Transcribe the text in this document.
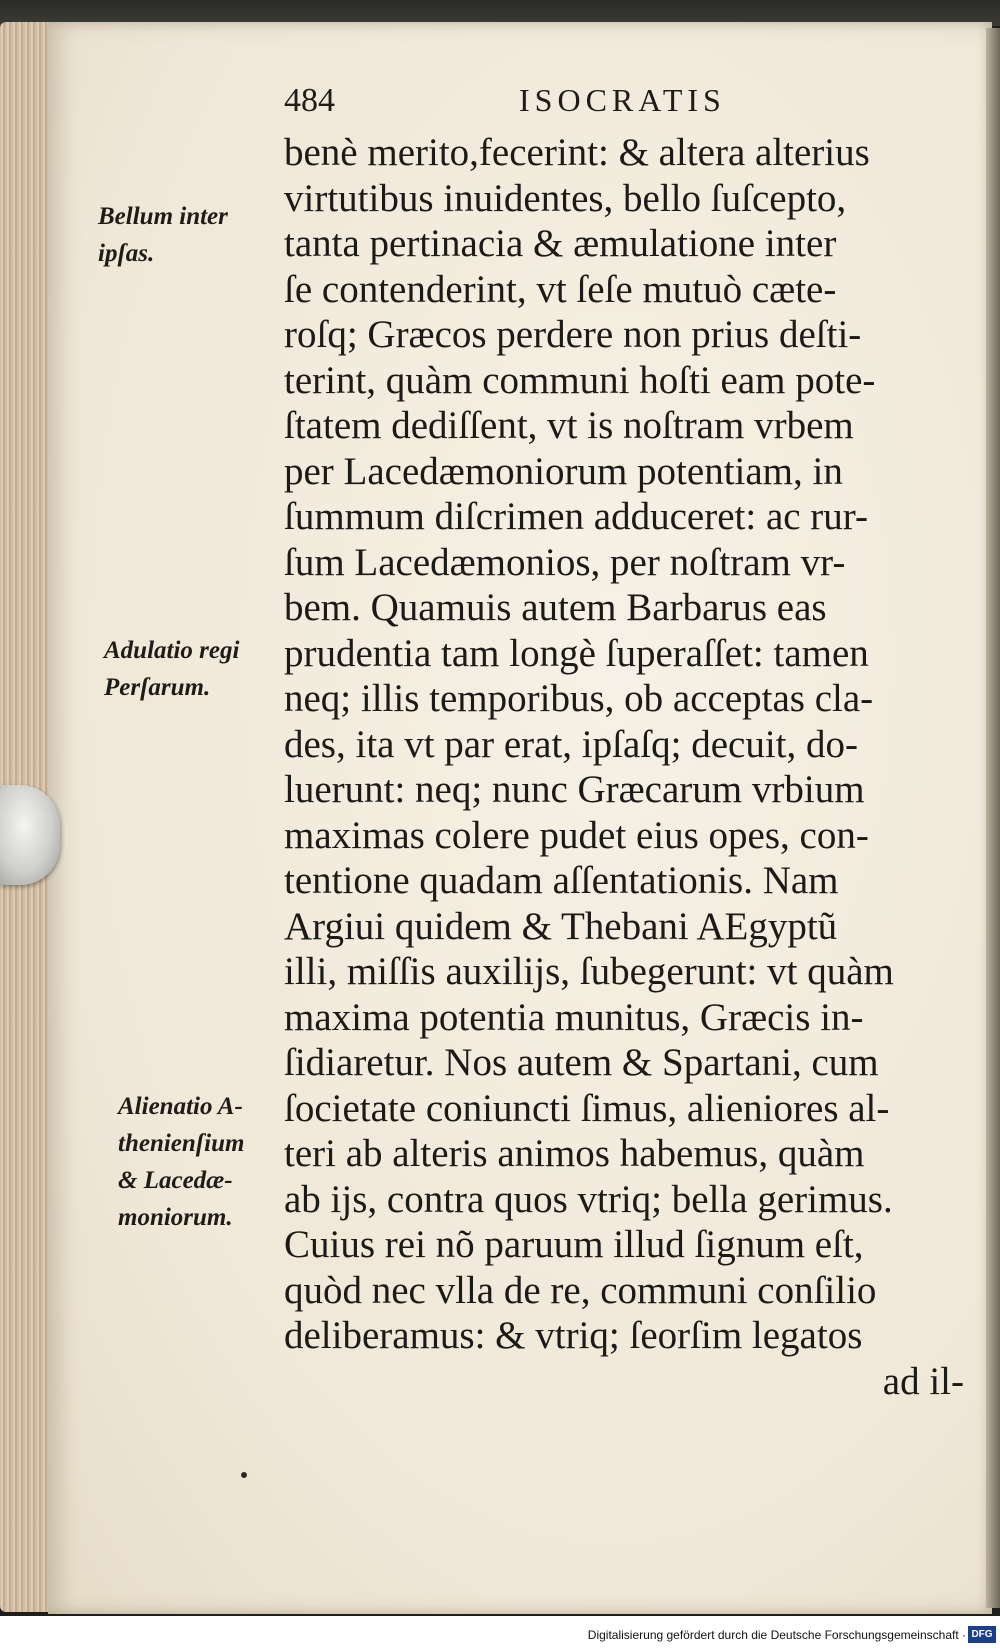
484	ISOCRATIS
benè merito,fecerint: & altera alterius
virtutibus inuidentes, bello ſuſcepto,
tanta pertinacia & æmulatione inter
ſe contenderint, vt ſeſe mutuò cæte-
roſq; Græcos perdere non prius deſti-
terint, quàm communi hoſti eam pote-
ſtatem dediſſent, vt is noſtram vrbem
per Lacedæmoniorum potentiam, in
ſummum diſcrimen adduceret: ac rur-
ſum Lacedæmonios, per noſtram vr-
bem. Quamuis autem Barbarus eas
prudentia tam longè ſuperaſſet: tamen
neq; illis temporibus, ob acceptas cla-
des, ita vt par erat, ipſaſq; decuit, do-
luerunt: neq; nunc Græcarum vrbium
maximas colere pudet eius opes, con-
tentione quadam aſſentationis. Nam
Argiui quidem & Thebani AEgyptũ
illi, miſſis auxilijs, ſubegerunt: vt quàm
maxima potentia munitus, Græcis in-
ſidiaretur. Nos autem & Spartani, cum
ſocietate coniuncti ſimus, alieniores al-
teri ab alteris animos habemus, quàm
ab ijs, contra quos vtriq; bella gerimus.
Cuius rei nõ paruum illud ſignum eſt,
quòd nec vlla de re, communi conſilio
deliberamus: & vtriq; ſeorſim legatos
ad il-
Bellum inter
ipſas.
Adulatio regi
Perſarum.
Alienatio A-
thenienſium
& Lacedæ-
moniorum.
Digitalisierung gefördert durch die Deutsche Forschungsgemeinschaft · DFG
